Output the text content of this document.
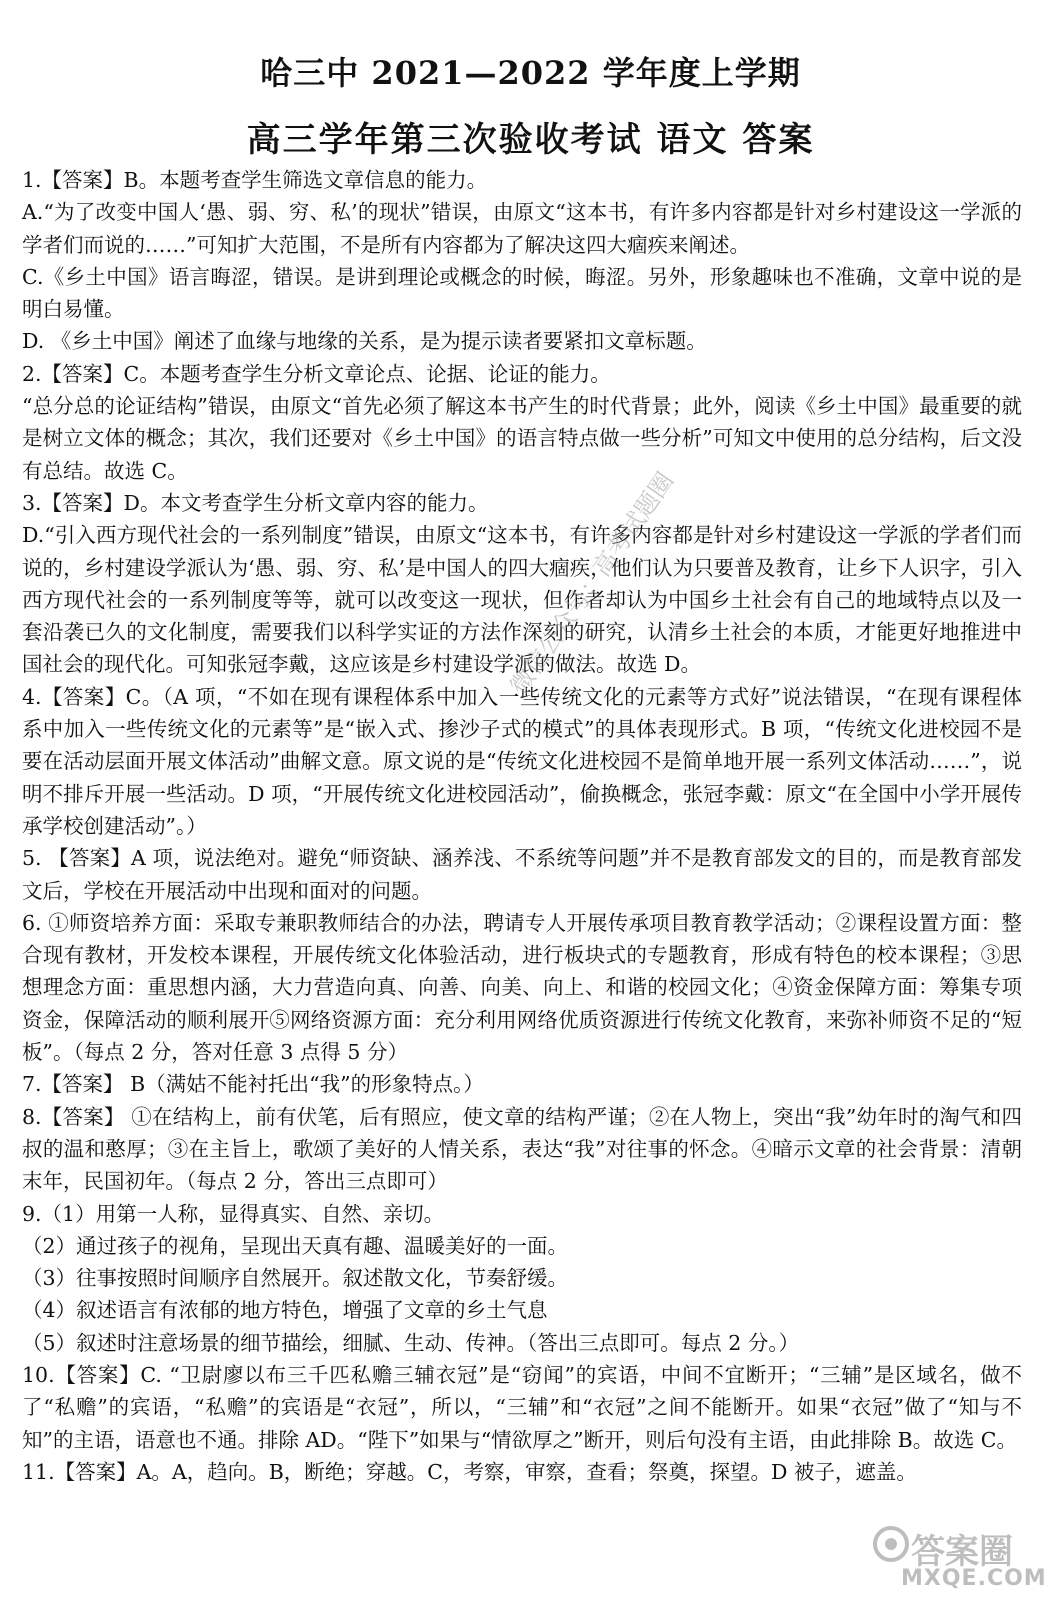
哈三中 2021—2022 学年度上学期
高三学年第三次验收考试 语文 答案

1.【答案】B。本题考查学生筛选文章信息的能力。

A.“为了改变中国人‘愚、弱、穷、私’的现状”错误，由原文“这本书，有许多内容都是针对乡村建设这一学派的学者们而说的……”可知扩大范围，不是所有内容都为了解决这四大痼疾来阐述。

C.《乡土中国》语言晦涩，错误。是讲到理论或概念的时候，晦涩。另外，形象趣味也不准确，文章中说的是明白易懂。

D. 《乡土中国》阐述了血缘与地缘的关系，是为提示读者要紧扣文章标题。

2.【答案】C。本题考查学生分析文章论点、论据、论证的能力。

“总分总的论证结构”错误，由原文“首先必须了解这本书产生的时代背景；此外，阅读《乡土中国》最重要的就是树立文体的概念；其次，我们还要对《乡土中国》的语言特点做一些分析”可知文中使用的总分结构，后文没有总结。故选 C。

3.【答案】D。本文考查学生分析文章内容的能力。

D.“引入西方现代社会的一系列制度”错误，由原文“这本书，有许多内容都是针对乡村建设这一学派的学者们而说的，乡村建设学派认为‘愚、弱、穷、私’是中国人的四大痼疾，他们认为只要普及教育，让乡下人识字，引入西方现代社会的一系列制度等等，就可以改变这一现状，但作者却认为中国乡土社会有自己的地域特点以及一套沿袭已久的文化制度，需要我们以科学实证的方法作深刻的研究，认清乡土社会的本质，才能更好地推进中国社会的现代化。可知张冠李戴，这应该是乡村建设学派的做法。故选 D。

4.【答案】C。（A 项，“不如在现有课程体系中加入一些传统文化的元素等方式好”说法错误，“在现有课程体系中加入一些传统文化的元素等”是“嵌入式、掺沙子式的模式”的具体表现形式。B 项，“传统文化进校园不是要在活动层面开展文体活动”曲解文意。原文说的是“传统文化进校园不是简单地开展一系列文体活动……”，说明不排斥开展一些活动。D 项，“开展传统文化进校园活动”，偷换概念，张冠李戴：原文“在全国中小学开展传承学校创建活动”。）

5. 【答案】A 项，说法绝对。避免“师资缺、涵养浅、不系统等问题”并不是教育部发文的目的，而是教育部发文后，学校在开展活动中出现和面对的问题。

6. ①师资培养方面：采取专兼职教师结合的办法，聘请专人开展传承项目教育教学活动；②课程设置方面：整合现有教材，开发校本课程，开展传统文化体验活动，进行板块式的专题教育，形成有特色的校本课程；③思想理念方面：重思想内涵，大力营造向真、向善、向美、向上、和谐的校园文化；④资金保障方面：筹集专项资金，保障活动的顺利展开⑤网络资源方面：充分利用网络优质资源进行传统文化教育，来弥补师资不足的“短板”。（每点 2 分，答对任意 3 点得 5 分）

7.【答案】 B（满姑不能衬托出“我”的形象特点。）

8.【答案】 ①在结构上，前有伏笔，后有照应，使文章的结构严谨；②在人物上，突出“我”幼年时的淘气和四叔的温和憨厚；③在主旨上，歌颂了美好的人情关系，表达“我”对往事的怀念。④暗示文章的社会背景：清朝末年，民国初年。（每点 2 分，答出三点即可）

9.（1）用第一人称，显得真实、自然、亲切。

（2）通过孩子的视角，呈现出天真有趣、温暖美好的一面。

（3）往事按照时间顺序自然展开。叙述散文化，节奏舒缓。

（4）叙述语言有浓郁的地方特色，增强了文章的乡土气息

（5）叙述时注意场景的细节描绘，细腻、生动、传神。（答出三点即可。每点 2 分。）

10.【答案】C. “卫尉廖以布三千匹私赡三辅衣冠”是“窃闻”的宾语，中间不宜断开；“三辅”是区域名，做不了“私赡”的宾语，“私赡”的宾语是“衣冠”，所以，“三辅”和“衣冠”之间不能断开。如果“衣冠”做了“知与不知”的主语，语意也不通。排除 AD。“陛下”如果与“情欲厚之”断开，则后句没有主语，由此排除 B。故选 C。

11.【答案】A。A，趋向。B，断绝；穿越。C，考察，审察，查看；祭奠，探望。D 被子，遮盖。

微信公众号：高考试题圈
答案圈
MXQE.COM
